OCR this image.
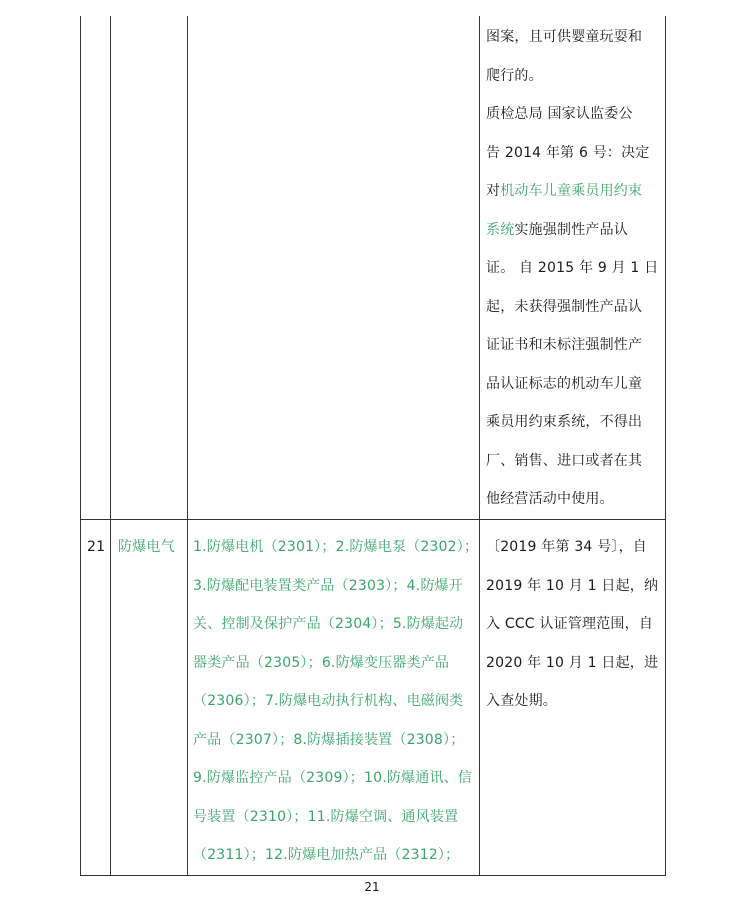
图案，且可供婴童玩耍和
爬行的。
质检总局 国家认监委公
告 2014 年第 6 号：决定
对机动车儿童乘员用约束
系统实施强制性产品认
证。 自 2015 年 9 月 1 日
起，未获得强制性产品认
证证书和未标注强制性产
品认证标志的机动车儿童
乘员用约束系统，不得出
厂、销售、进口或者在其
他经营活动中使用。
21 防爆电气 1.防爆电机（2301）；2.防爆电泵（2302）；
3.防爆配电装置类产品（2303）；4.防爆开
关、控制及保护产品（2304）；5.防爆起动
器类产品（2305）；6.防爆变压器类产品
（2306）；7.防爆电动执行机构、电磁阀类
产品（2307）；8.防爆插接装置（2308）；
9.防爆监控产品（2309）；10.防爆通讯、信
号装置（2310）；11.防爆空调、通风装置
（2311）；12.防爆电加热产品（2312）；
〔2019 年第 34 号〕，自
2019 年 10 月 1 日起，纳
入 CCC 认证管理范围，自
2020 年 10 月 1 日起，进
入查处期。
21
